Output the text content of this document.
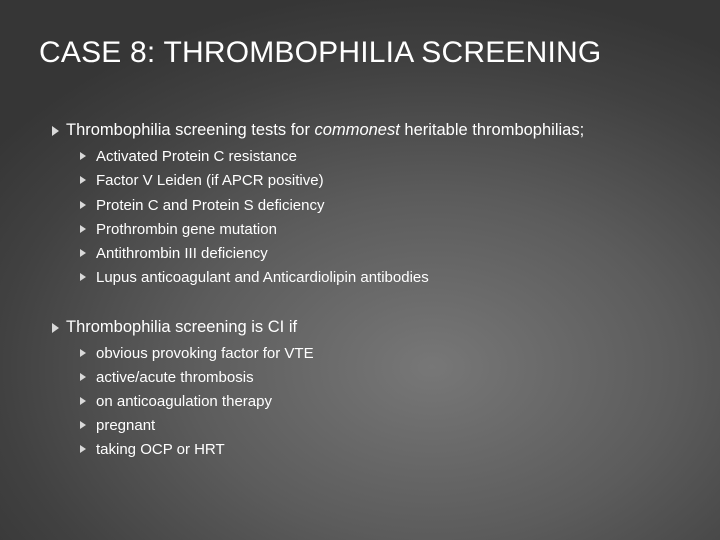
CASE 8: THROMBOPHILIA SCREENING
Thrombophilia screening tests for commonest heritable thrombophilias;
Activated Protein C resistance
Factor V Leiden (if APCR positive)
Protein C and Protein S deficiency
Prothrombin gene mutation
Antithrombin III deficiency
Lupus anticoagulant and Anticardiolipin antibodies
Thrombophilia screening is CI if
obvious provoking factor for VTE
active/acute thrombosis
on anticoagulation therapy
pregnant
taking OCP or HRT
